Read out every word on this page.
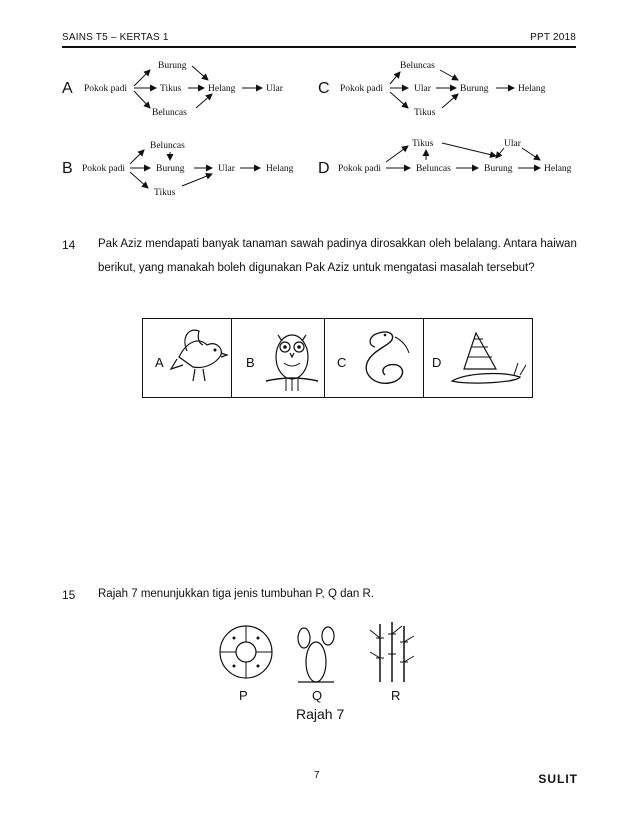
SAINS T5 – KERTAS 1	PPT 2018
A
Burung
Pokok padi	Tikus	Helang	Ular
Beluncas
C
Beluncas
Pokok padi	Ular	Burung	Helang
Tikus
B
Beluncas
Pokok padi	Burung	Ular	Helang
Tikus
D
Tikus	Ular
Pokok padi	Beluncas	Burung	Helang
14 Pak Aziz mendapati banyak tanaman sawah padinya dirosakkan oleh belalang. Antara haiwan
berikut, yang manakah boleh digunakan Pak Aziz untuk mengatasi masalah tersebut?
A	B	C	D
15 Rajah 7 menunjukkan tiga jenis tumbuhan P, Q dan R.
P	Q	R
Rajah 7
7	SULIT
